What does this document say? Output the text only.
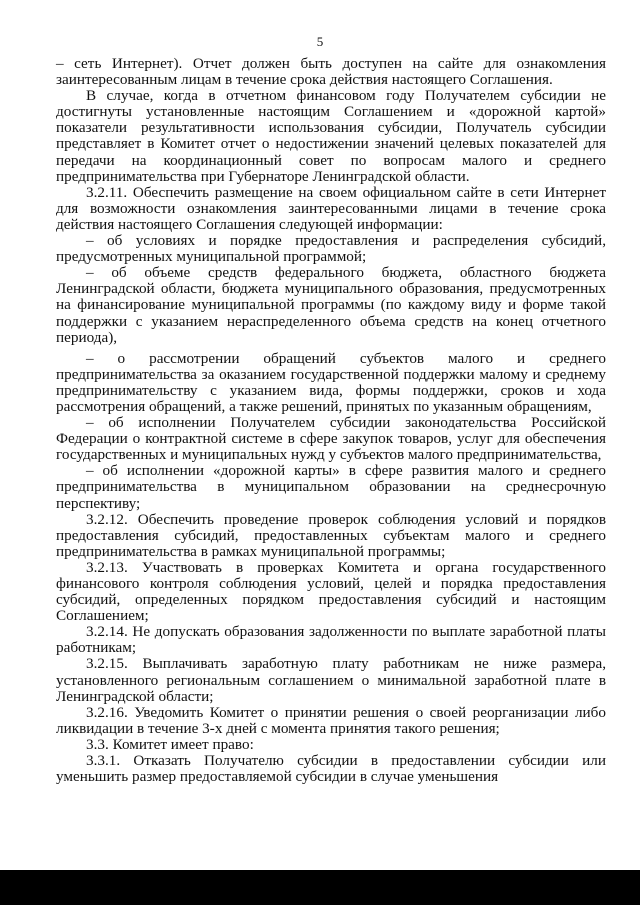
5

– сеть Интернет). Отчет должен быть доступен на сайте для ознакомления заинтересованным лицам в течение срока действия настоящего Соглашения.

В случае, когда в отчетном финансовом году Получателем субсидии не достигнуты установленные настоящим Соглашением и «дорожной картой» показатели результативности использования субсидии, Получатель субсидии представляет в Комитет отчет о недостижении значений целевых показателей для передачи на координационный совет по вопросам малого и среднего предпринимательства при Губернаторе Ленинградской области.

3.2.11. Обеспечить размещение на своем официальном сайте в сети Интернет для возможности ознакомления заинтересованными лицами в течение срока действия настоящего Соглашения следующей информации:

– об условиях и порядке предоставления и распределения субсидий, предусмотренных муниципальной программой;

– об объеме средств федерального бюджета, областного бюджета Ленинградской области, бюджета муниципального образования, предусмотренных на финансирование муниципальной программы (по каждому виду и форме такой поддержки с указанием нераспределенного объема средств на конец отчетного периода),

– о рассмотрении обращений субъектов малого и среднего предпринимательства за оказанием государственной поддержки малому и среднему предпринимательству с указанием вида, формы поддержки, сроков и хода рассмотрения обращений, а также решений, принятых по указанным обращениям,

– об исполнении Получателем субсидии законодательства Российской Федерации о контрактной системе в сфере закупок товаров, услуг для обеспечения государственных и муниципальных нужд у субъектов малого предпринимательства,

– об исполнении «дорожной карты» в сфере развития малого и среднего предпринимательства в муниципальном образовании на среднесрочную перспективу;

3.2.12. Обеспечить проведение проверок соблюдения условий и порядков предоставления субсидий, предоставленных субъектам малого и среднего предпринимательства в рамках муниципальной программы;

3.2.13. Участвовать в проверках Комитета и органа государственного финансового контроля соблюдения условий, целей и порядка предоставления субсидий, определенных порядком предоставления субсидий и настоящим Соглашением;

3.2.14. Не допускать образования задолженности по выплате заработной платы работникам;

3.2.15. Выплачивать заработную плату работникам не ниже размера, установленного региональным соглашением о минимальной заработной плате в Ленинградской области;

3.2.16. Уведомить Комитет о принятии решения о своей реорганизации либо ликвидации в течение 3-х дней с момента принятия такого решения;

3.3. Комитет имеет право:

3.3.1. Отказать Получателю субсидии в предоставлении субсидии или уменьшить размер предоставляемой субсидии в случае уменьшения
